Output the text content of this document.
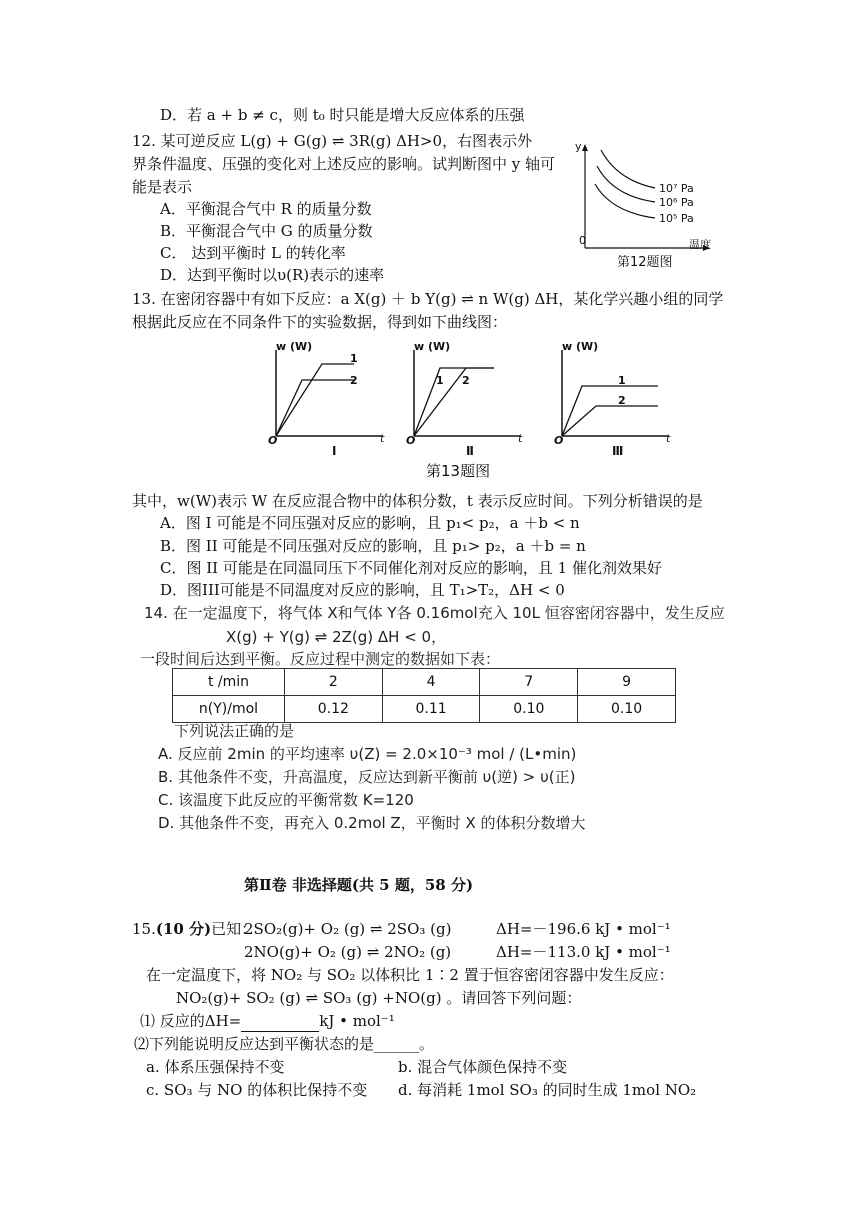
D．若 a + b ≠ c，则 t₀ 时只能是增大反应体系的压强
12. 某可逆反应 L(g) + G(g) ⇌ 3R(g) ΔH>0，右图表示外
界条件温度、压强的变化对上述反应的影响。试判断图中 y 轴可
能是表示
A．平衡混合气中 R 的质量分数
B．平衡混合气中 G 的质量分数
C． 达到平衡时 L 的转化率
D．达到平衡时以υ(R)表示的速率
y
0	温度
10⁷ Pa
10⁶ Pa
10⁵ Pa
第12题图
13. 在密闭容器中有如下反应：a X(g) ＋ b Y(g) ⇌ n W(g) ΔH，某化学兴趣小组的同学
根据此反应在不同条件下的实验数据，得到如下曲线图：
w (W)
O	t
1
2
Ⅰ
w (W)
O	t
1 2
Ⅱ
w (W)
O	t
1
2
Ⅲ
第13题图
其中，w(W)表示 W 在反应混合物中的体积分数，t 表示反应时间。下列分析错误的是
A．图 I 可能是不同压强对反应的影响，且 p₁< p₂，a ＋b < n
B．图 II 可能是不同压强对反应的影响，且 p₁> p₂，a ＋b = n
C．图 II 可能是在同温同压下不同催化剂对反应的影响，且 1 催化剂效果好
D．图III可能是不同温度对反应的影响，且 T₁>T₂，ΔH < 0
14. 在一定温度下，将气体 X和气体 Y各 0.16mol充入 10L 恒容密闭容器中，发生反应
X(g) + Y(g) ⇌ 2Z(g) ΔH < 0，
一段时间后达到平衡。反应过程中测定的数据如下表：
t /min	2	4	7	9
n(Y)/mol	0.12	0.11	0.10	0.10
下列说法正确的是
A. 反应前 2min 的平均速率 υ(Z) = 2.0×10⁻³ mol / (L•min)
B. 其他条件不变，升高温度，反应达到新平衡前 υ(逆) > υ(正)
C. 该温度下此反应的平衡常数 K=120
D. 其他条件不变，再充入 0.2mol Z，平衡时 X 的体积分数增大
第Ⅱ卷 非选择题(共 5 题，58 分)
15.(10 分)已知：
2SO₂(g)+ O₂ (g) ⇌ 2SO₃ (g)	ΔH=－196.6 kJ • mol⁻¹
2NO(g)+ O₂ (g) ⇌ 2NO₂ (g)	ΔH=－113.0 kJ • mol⁻¹
在一定温度下，将 NO₂ 与 SO₂ 以体积比 1∶2 置于恒容密闭容器中发生反应：
NO₂(g)+ SO₂ (g) ⇌ SO₃ (g) +NO(g) 。请回答下列问题：
⑴ 反应的ΔH=	kJ • mol⁻¹
⑵下列能说明反应达到平衡状态的是______。
a. 体系压强保持不变	b. 混合气体颜色保持不变
c. SO₃ 与 NO 的体积比保持不变 d. 每消耗 1mol SO₃ 的同时生成 1mol NO₂
